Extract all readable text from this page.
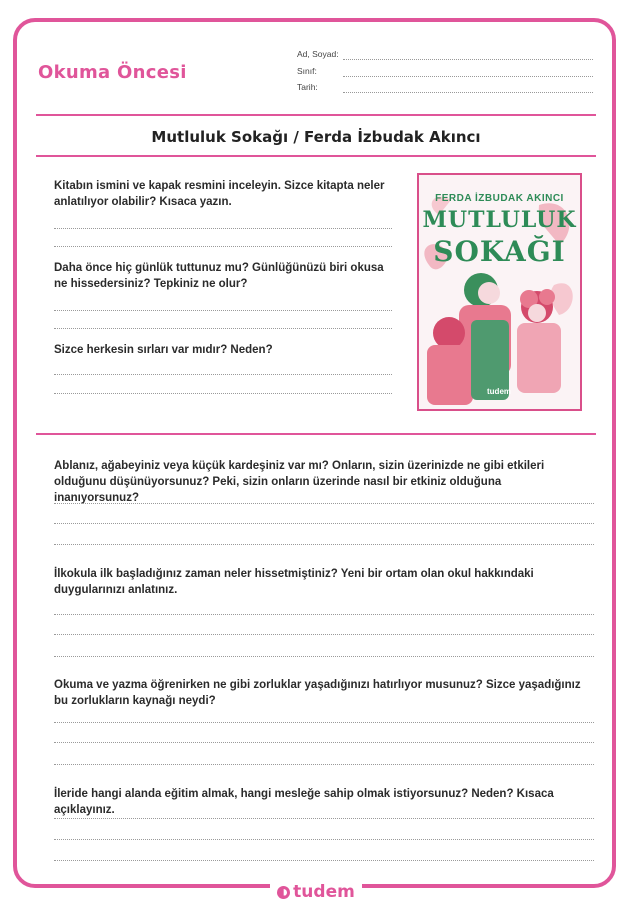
Okuma Öncesi
Ad, Soyad:
Sınıf:
Tarih:
Mutluluk Sokağı / Ferda İzbudak Akıncı
Kitabın ismini ve kapak resmini inceleyin. Sizce kitapta neler anlatılıyor olabilir? Kısaca yazın.
Daha önce hiç günlük tuttunuz mu? Günlüğünüzü biri okusa ne hissedersiniz? Tepkiniz ne olur?
Sizce herkesin sırları var mıdır? Neden?
FERDA İZBUDAK AKINCI
MUTLULUK
SOKAĞI
tudem
Ablanız, ağabeyiniz veya küçük kardeşiniz var mı? Onların, sizin üzerinizde ne gibi etkileri olduğunu düşünüyorsunuz? Peki, sizin onların üzerinde nasıl bir etkiniz olduğuna inanıyorsunuz?
İlkokula ilk başladığınız zaman neler hissetmiştiniz? Yeni bir ortam olan okul hakkındaki duygularınızı anlatınız.
Okuma ve yazma öğrenirken ne gibi zorluklar yaşadığınızı hatırlıyor musunuz? Sizce yaşadığınız bu zorlukların kaynağı neydi?
İleride hangi alanda eğitim almak, hangi mesleğe sahip olmak istiyorsunuz? Neden? Kısaca açıklayınız.
tudem
